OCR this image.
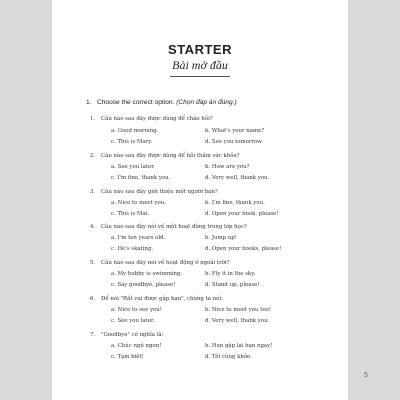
STARTER
Bài mở đầu
1. Choose the correct option. (Chọn đáp án đúng.)
1. Câu nào sau đây được dùng để chào hỏi?
a. Good morning.	b. What's your name?
c. This is Mary.	d. See you tomorrow.
2. Câu nào sau đây được dùng để hỏi thăm sức khỏe?
a. See you later.	b. How are you?
c. I'm fine, thank you.	d. Very well, thank you.
3. Câu nào sau đây giới thiệu một người bạn?
a. Nice to meet you.	b. I'm fine, thank you.
c. This is Mai.	d. Open your book, please!
4. Câu nào sau đây nói về một hoạt động trong lớp học?
a. I'm ten years old.	b. Jump up!
c. He's skating.	d. Open your books, please!
5. Câu nào sau đây nói về hoạt động ở ngoài trời?
a. My hobby is swimming.	b. Fly it in the sky.
c. Say goodbye, please!	d. Stand up, please!
6. Để nói "Rất vui được gặp bạn", chúng ta nói:
a. Nice to see you!	b. Nice to meet you too!
c. See you later.	d. Very well, thank you.
7. "Goodbye" có nghĩa là:
a. Chúc ngủ ngon!	b. Hẹn gặp lại bạn ngay!
c. Tạm biệt!	d. Tôi cũng khỏe.
5
